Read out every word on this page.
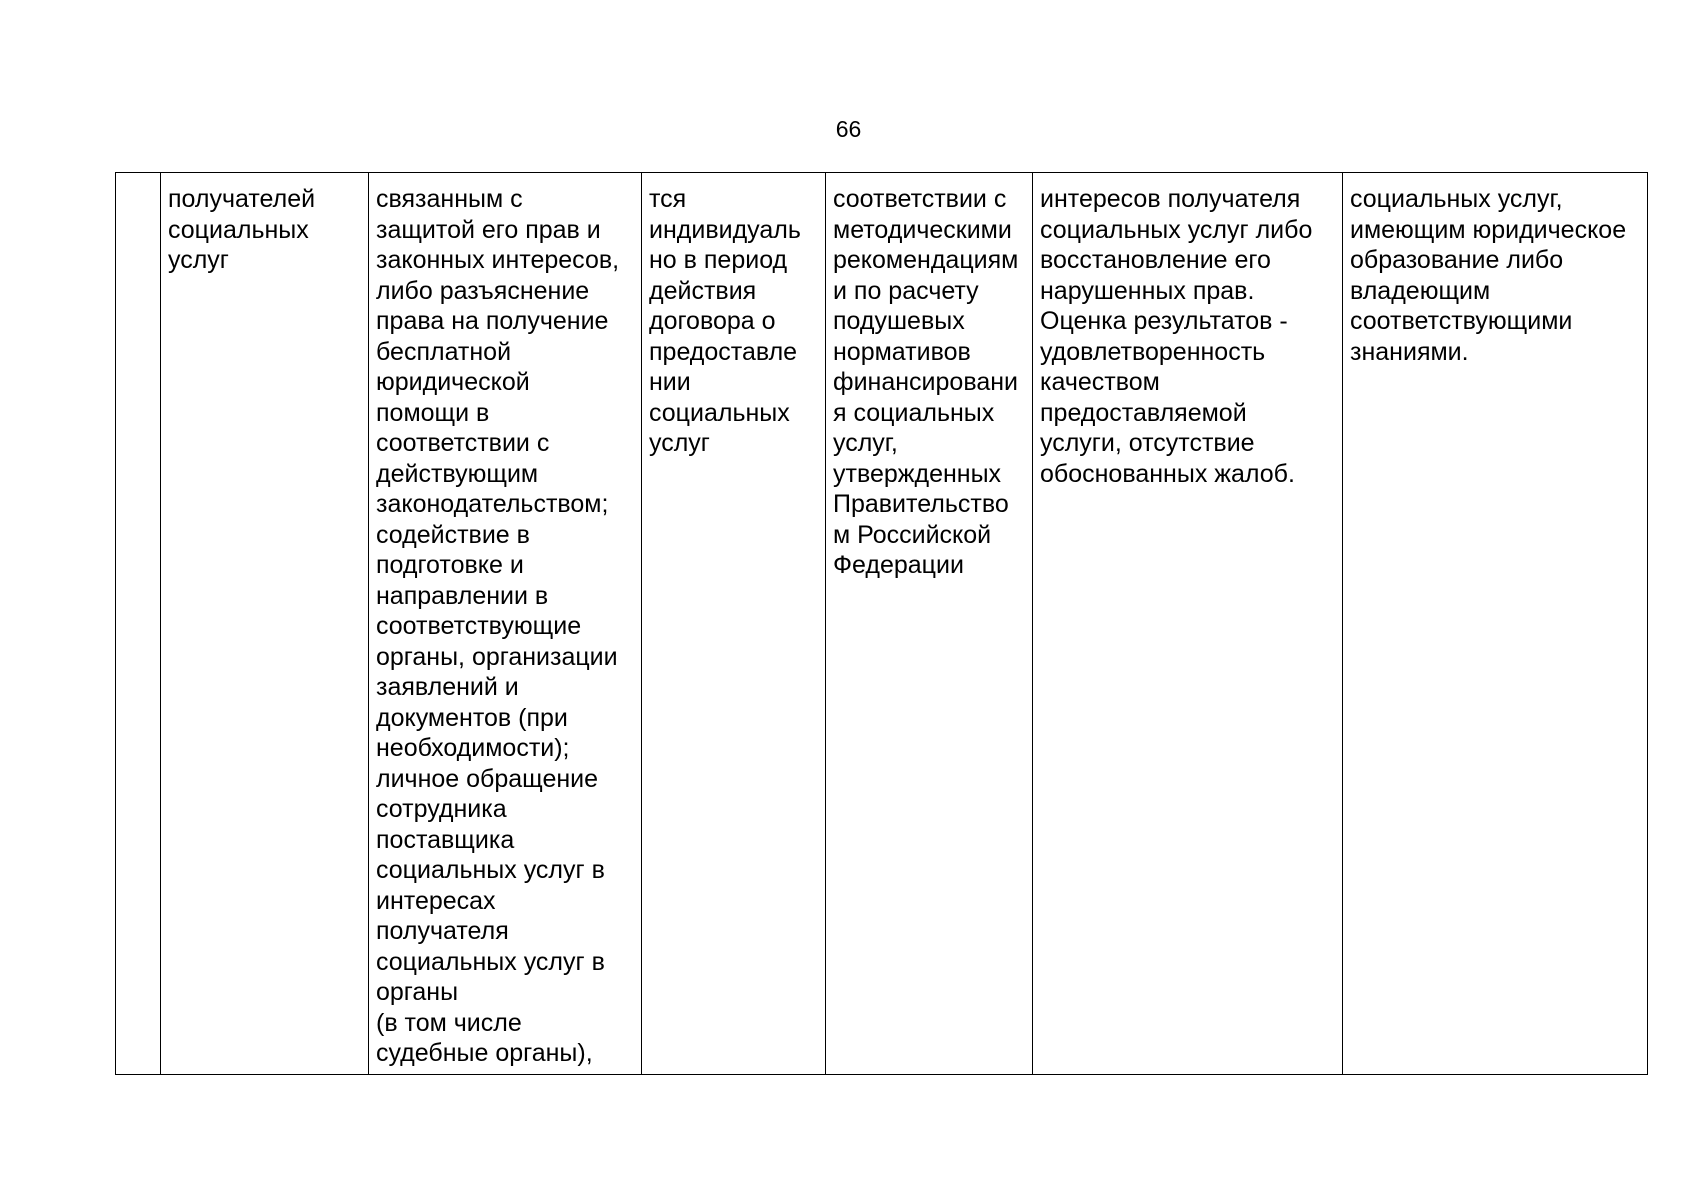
66
	получателей
социальных
услуг	связанным с
защитой его прав и
законных интересов,
либо разъяснение
права на получение
бесплатной
юридической
помощи в
соответствии с
действующим
законодательством;
содействие в
подготовке и
направлении в
соответствующие
органы, организации
заявлений и
документов (при
необходимости);
личное обращение
сотрудника
поставщика
социальных услуг в
интересах
получателя
социальных услуг в
органы
(в том числе
судебные органы),	тся
индивидуаль
но в период
действия
договора о
предоставле
нии
социальных
услуг	соответствии с
методическими
рекомендациям
и по расчету
подушевых
нормативов
финансировани
я социальных
услуг,
утвержденных
Правительство
м Российской
Федерации	интересов получателя
социальных услуг либо
восстановление его
нарушенных прав.
Оценка результатов -
удовлетворенность
качеством
предоставляемой
услуги, отсутствие
обоснованных жалоб.	социальных услуг,
имеющим юридическое
образование либо
владеющим
соответствующими
знаниями.
